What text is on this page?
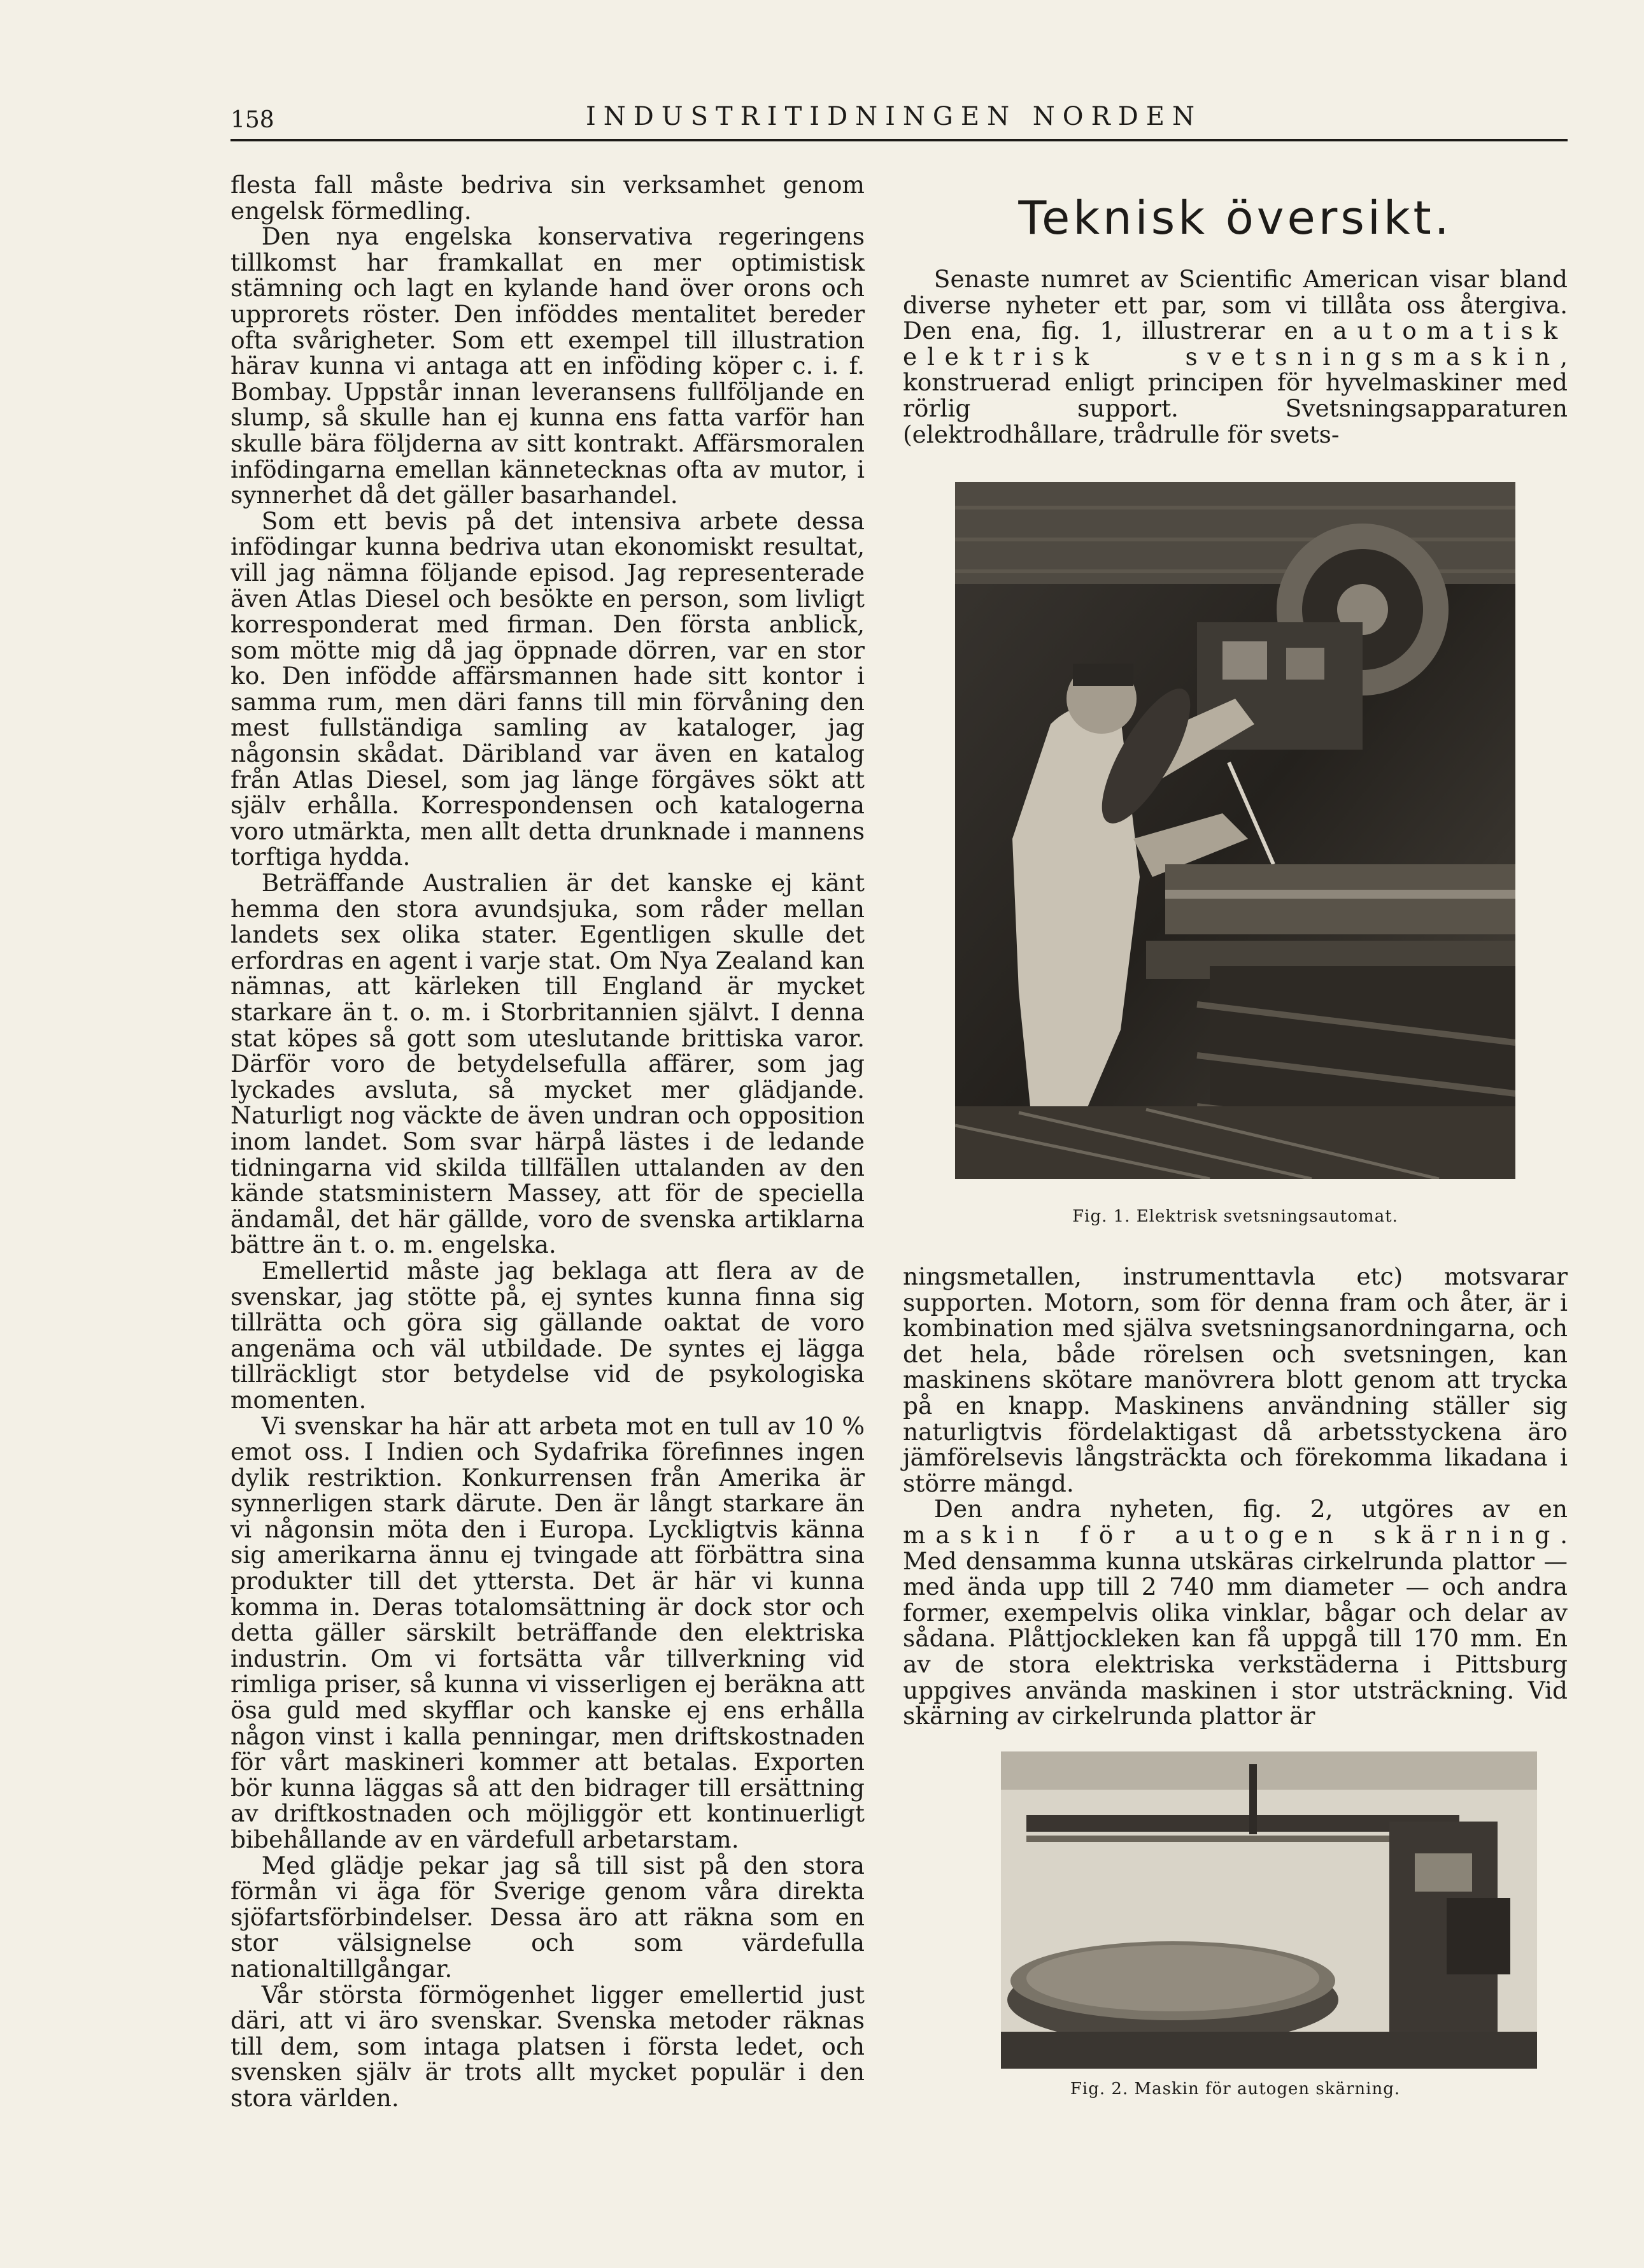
158	INDUSTRITIDNINGEN NORDEN

flesta fall måste bedriva sin verksamhet genom engelsk förmedling.

Den nya engelska konservativa regeringens tillkomst har framkallat en mer optimistisk stämning och lagt en kylande hand över orons och upprorets röster. Den inföddes mentalitet bereder ofta svårigheter. Som ett exempel till illustration härav kunna vi antaga att en inföding köper c. i. f. Bombay. Uppstår innan leveransens fullföljande en slump, så skulle han ej kunna ens fatta varför han skulle bära följderna av sitt kontrakt. Affärsmoralen infödingarna emellan kännetecknas ofta av mutor, i synnerhet då det gäller basarhandel.

Som ett bevis på det intensiva arbete dessa infödingar kunna bedriva utan ekonomiskt resultat, vill jag nämna följande episod. Jag representerade även Atlas Diesel och besökte en person, som livligt korresponderat med firman. Den första anblick, som mötte mig då jag öppnade dörren, var en stor ko. Den infödde affärsmannen hade sitt kontor i samma rum, men däri fanns till min förvåning den mest fullständiga samling av kataloger, jag någonsin skådat. Däribland var även en katalog från Atlas Diesel, som jag länge förgäves sökt att själv erhålla. Korrespondensen och katalogerna voro utmärkta, men allt detta drunknade i mannens torftiga hydda.

Beträffande Australien är det kanske ej känt hemma den stora avundsjuka, som råder mellan landets sex olika stater. Egentligen skulle det erfordras en agent i varje stat. Om Nya Zealand kan nämnas, att kärleken till England är mycket starkare än t. o. m. i Storbritannien självt. I denna stat köpes så gott som uteslutande brittiska varor. Därför voro de betydelsefulla affärer, som jag lyckades avsluta, så mycket mer glädjande. Naturligt nog väckte de även undran och opposition inom landet. Som svar härpå lästes i de ledande tidningarna vid skilda tillfällen uttalanden av den kände statsministern Massey, att för de speciella ändamål, det här gällde, voro de svenska artiklarna bättre än t. o. m. engelska.

Emellertid måste jag beklaga att flera av de svenskar, jag stötte på, ej syntes kunna finna sig tillrätta och göra sig gällande oaktat de voro angenäma och väl utbildade. De syntes ej lägga tillräckligt stor betydelse vid de psykologiska momenten.

Vi svenskar ha här att arbeta mot en tull av 10 % emot oss. I Indien och Sydafrika förefinnes ingen dylik restriktion. Konkurrensen från Amerika är synnerligen stark därute. Den är långt starkare än vi någonsin möta den i Europa. Lyckligtvis känna sig amerikarna ännu ej tvingade att förbättra sina produkter till det yttersta. Det är här vi kunna komma in. Deras totalomsättning är dock stor och detta gäller särskilt beträffande den elektriska industrin. Om vi fortsätta vår tillverkning vid rimliga priser, så kunna vi visserligen ej beräkna att ösa guld med skyfflar och kanske ej ens erhålla någon vinst i kalla penningar, men driftskostnaden för vårt maskineri kommer att betalas. Exporten bör kunna läggas så att den bidrager till ersättning av driftkostnaden och möjliggör ett kontinuerligt bibehållande av en värdefull arbetarstam.

Med glädje pekar jag så till sist på den stora förmån vi äga för Sverige genom våra direkta sjöfartsförbindelser. Dessa äro att räkna som en stor välsignelse och som värdefulla nationaltillgångar.

Vår största förmögenhet ligger emellertid just däri, att vi äro svenskar. Svenska metoder räknas till dem, som intaga platsen i första ledet, och svensken själv är trots allt mycket populär i den stora världen.

Teknisk översikt.

Senaste numret av Scientific American visar bland diverse nyheter ett par, som vi tillåta oss återgiva. Den ena, fig. 1, illustrerar en automatisk elektrisk svetsningsmaskin, konstruerad enligt principen för hyvelmaskiner med rörlig support. Svetsningsapparaturen (elektrodhållare, trådrulle för svets-

Fig. 1. Elektrisk svetsningsautomat.

ningsmetallen, instrumenttavla etc) motsvarar supporten. Motorn, som för denna fram och åter, är i kombination med själva svetsningsanordningarna, och det hela, både rörelsen och svetsningen, kan maskinens skötare manövrera blott genom att trycka på en knapp. Maskinens användning ställer sig naturligtvis fördelaktigast då arbetsstyckena äro jämförelsevis långsträckta och förekomma likadana i större mängd.

Den andra nyheten, fig. 2, utgöres av en maskin för autogen skärning. Med densamma kunna utskäras cirkelrunda plattor — med ända upp till 2 740 mm diameter — och andra former, exempelvis olika vinklar, bågar och delar av sådana. Plåttjockleken kan få uppgå till 170 mm. En av de stora elektriska verkstäderna i Pittsburg uppgives använda maskinen i stor utsträckning. Vid skärning av cirkelrunda plattor är

Fig. 2. Maskin för autogen skärning.
